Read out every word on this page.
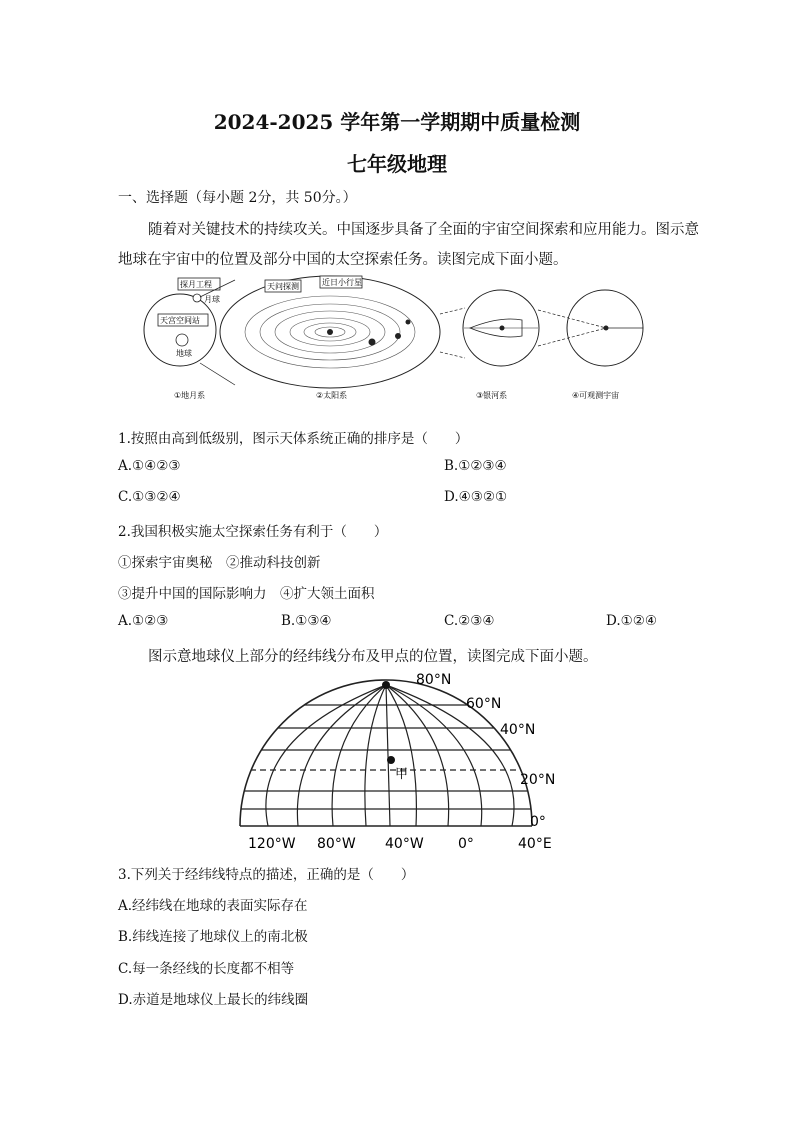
2024-2025 学年第一学期期中质量检测
七年级地理
一、选择题（每小题 2分，共 50分。）
随着对关键技术的持续攻关。中国逐步具备了全面的宇宙空间探索和应用能力。图示意
地球在宇宙中的位置及部分中国的太空探索任务。读图完成下面小题。
探月工程
月球
天宫空间站
地球
①地月系
天问探测	近日小行星
②太阳系	③银河系	④可观测宇宙
1.按照由高到低级别，图示天体系统正确的排序是（　　）
A.①④②③	B.①②③④
C.①③②④	D.④③②①
2.我国积极实施太空探索任务有利于（　　）
①探索宇宙奥秘　②推动科技创新
③提升中国的国际影响力　④扩大领土面积
A.①②③	B.①③④	C.②③④	D.①②④
图示意地球仪上部分的经纬线分布及甲点的位置，读图完成下面小题。
甲
80°N
60°N
40°N
20°N
0°
120°W 80°W 40°W 0°	40°E
3.下列关于经纬线特点的描述，正确的是（　　）
A.经纬线在地球的表面实际存在
B.纬线连接了地球仪上的南北极
C.每一条经线的长度都不相等
D.赤道是地球仪上最长的纬线圈
